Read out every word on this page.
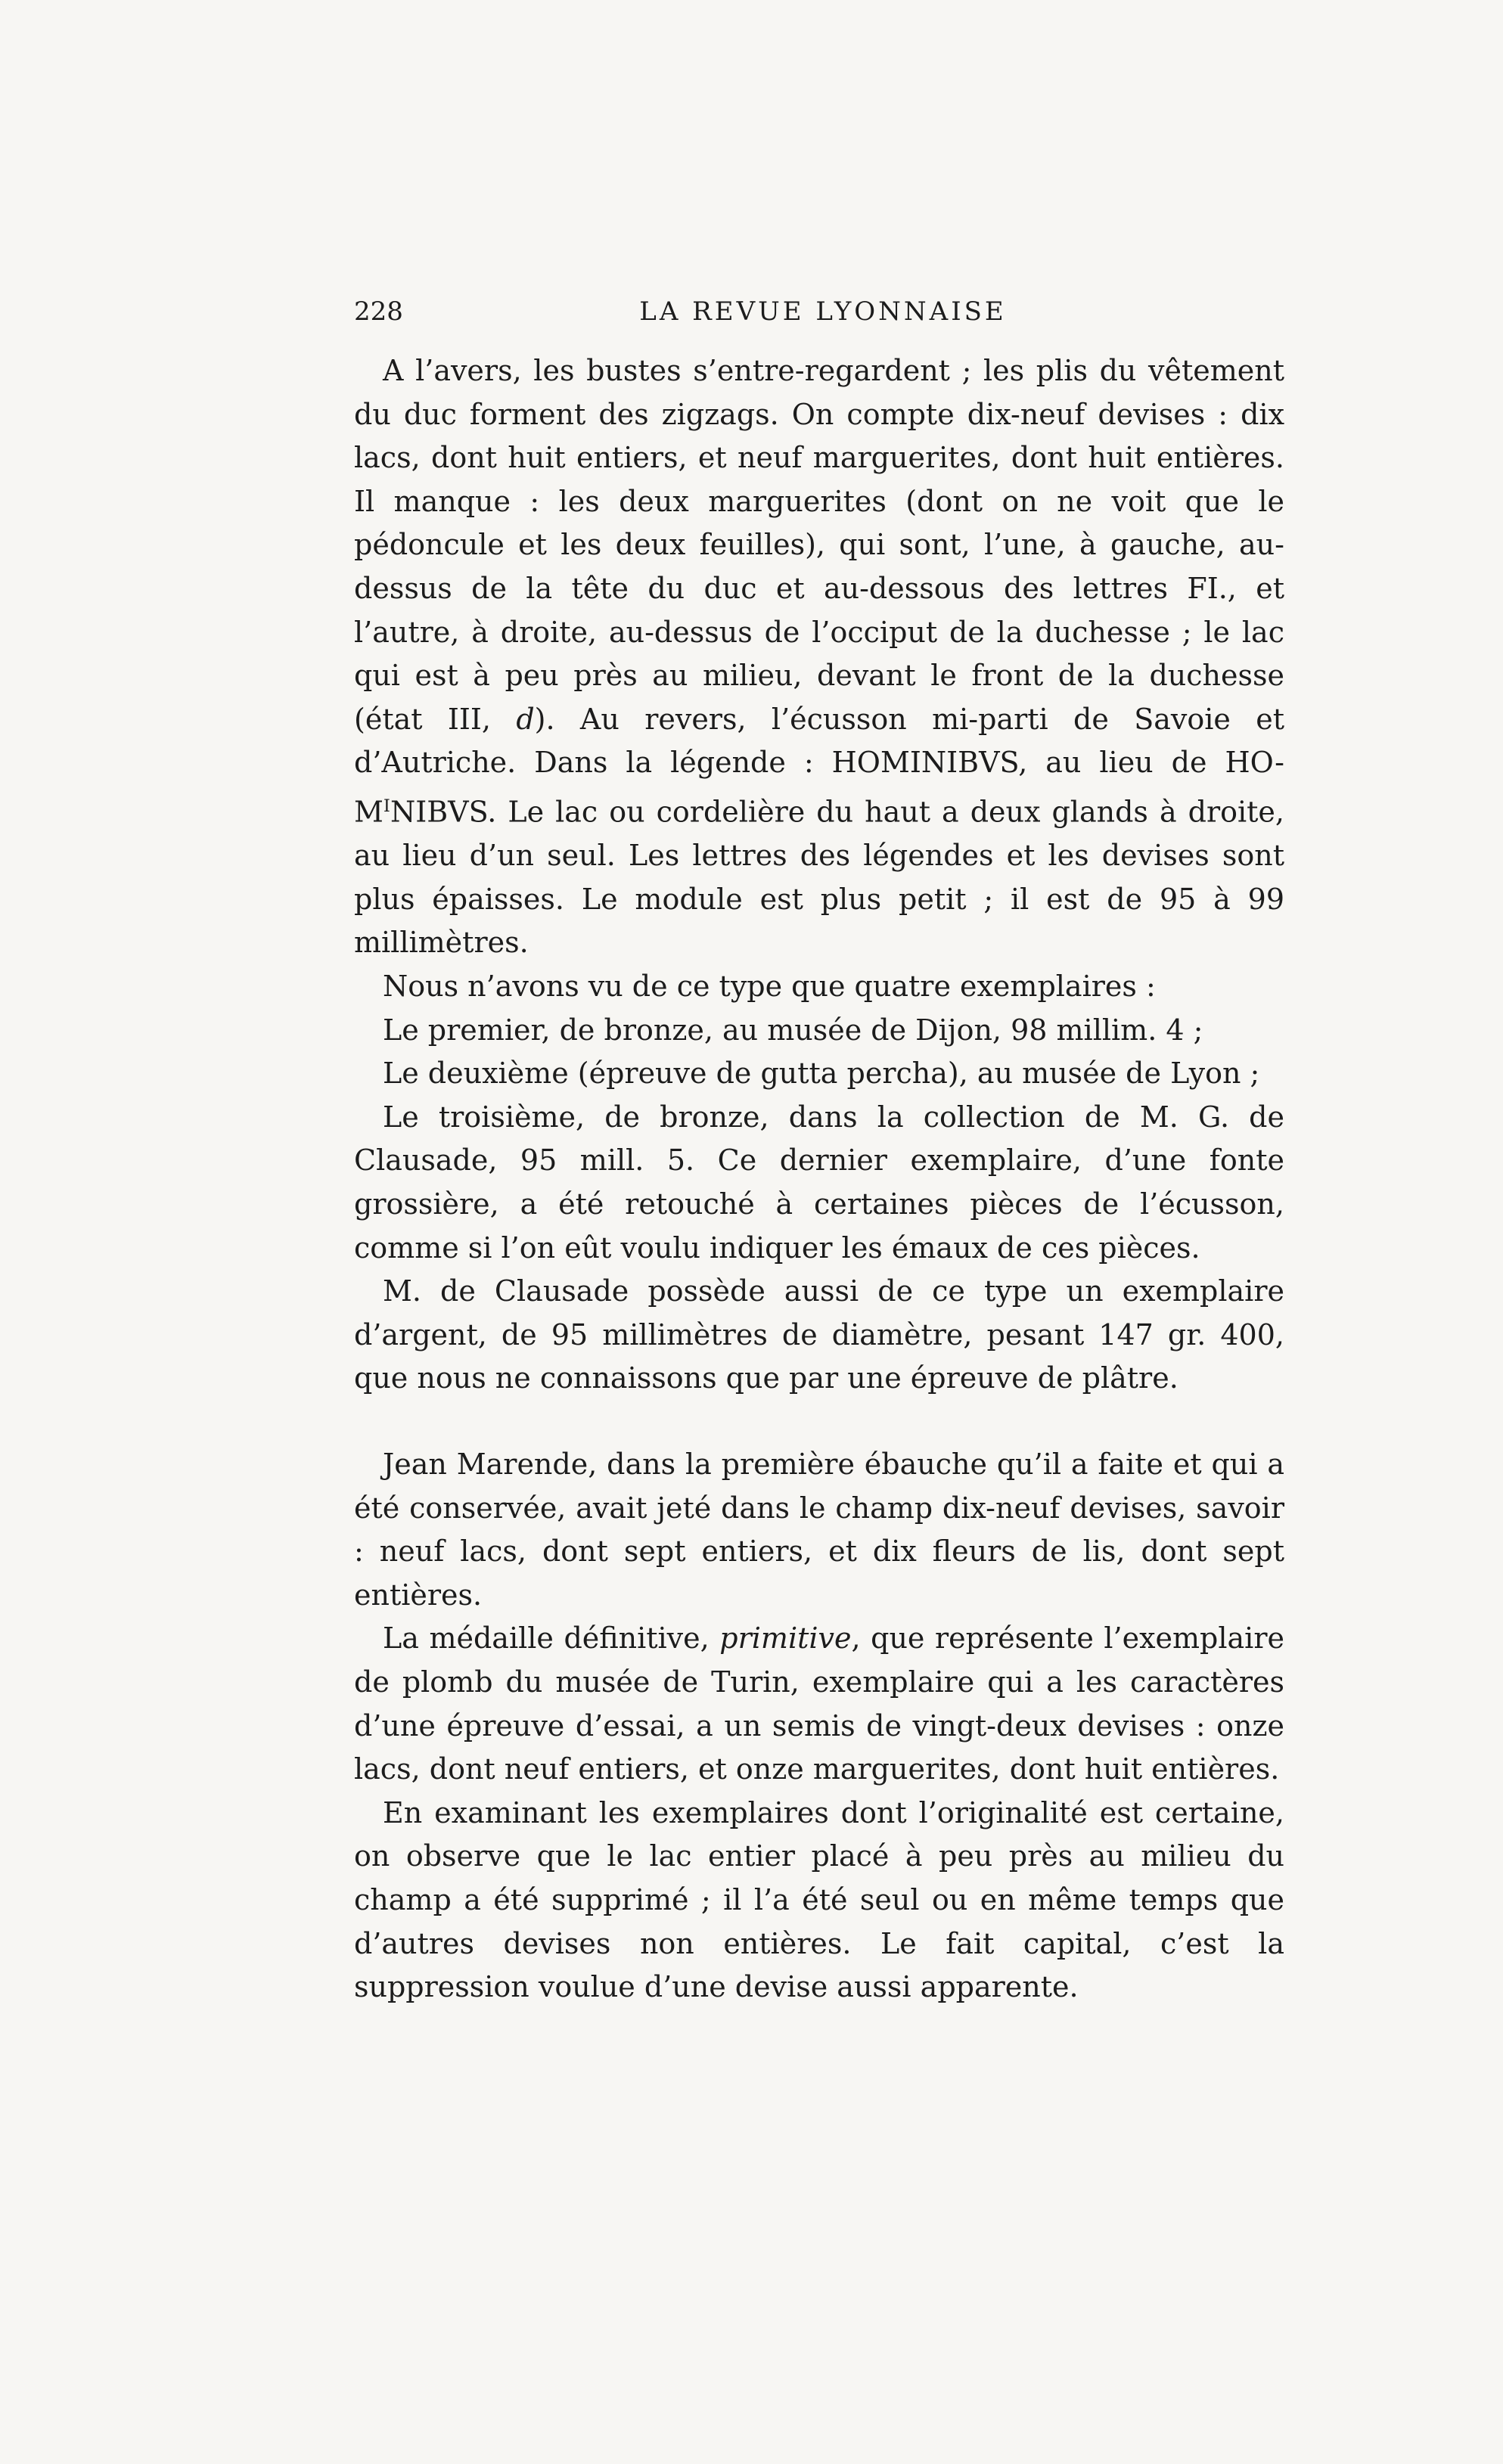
228	LA REVUE LYONNAISE

A l’avers, les bustes s’entre-regardent ; les plis du vêtement du duc forment des zigzags. On compte dix-neuf devises : dix lacs, dont huit entiers, et neuf marguerites, dont huit entières. Il manque : les deux marguerites (dont on ne voit que le pédoncule et les deux feuilles), qui sont, l’une, à gauche, au-dessus de la tête du duc et au-dessous des lettres FI., et l’autre, à droite, au-dessus de l’occiput de la duchesse ; le lac qui est à peu près au milieu, devant le front de la duchesse (état III, d). Au revers, l’écusson mi-parti de Savoie et d’Autriche. Dans la légende : HOMINIBVS, au lieu de $HO-M^INIBVS$. Le lac ou cordelière du haut a deux glands à droite, au lieu d’un seul. Les lettres des légendes et les devises sont plus épaisses. Le module est plus petit ; il est de 95 à 99 millimètres.

Nous n’avons vu de ce type que quatre exemplaires :

Le premier, de bronze, au musée de Dijon, 98 millim. 4 ;

Le deuxième (épreuve de gutta percha), au musée de Lyon ;

Le troisième, de bronze, dans la collection de M. G. de Clausade, 95 mill. 5. Ce dernier exemplaire, d’une fonte grossière, a été retouché à certaines pièces de l’écusson, comme si l’on eût voulu indiquer les émaux de ces pièces.

M. de Clausade possède aussi de ce type un exemplaire d’argent, de 95 millimètres de diamètre, pesant 147 gr. 400, que nous ne connaissons que par une épreuve de plâtre.

Jean Marende, dans la première ébauche qu’il a faite et qui a été conservée, avait jeté dans le champ dix-neuf devises, savoir : neuf lacs, dont sept entiers, et dix fleurs de lis, dont sept entières.

La médaille définitive, primitive, que représente l’exemplaire de plomb du musée de Turin, exemplaire qui a les caractères d’une épreuve d’essai, a un semis de vingt-deux devises : onze lacs, dont neuf entiers, et onze marguerites, dont huit entières.

En examinant les exemplaires dont l’originalité est certaine, on observe que le lac entier placé à peu près au milieu du champ a été supprimé ; il l’a été seul ou en même temps que d’autres devises non entières. Le fait capital, c’est la suppression voulue d’une devise aussi apparente.
